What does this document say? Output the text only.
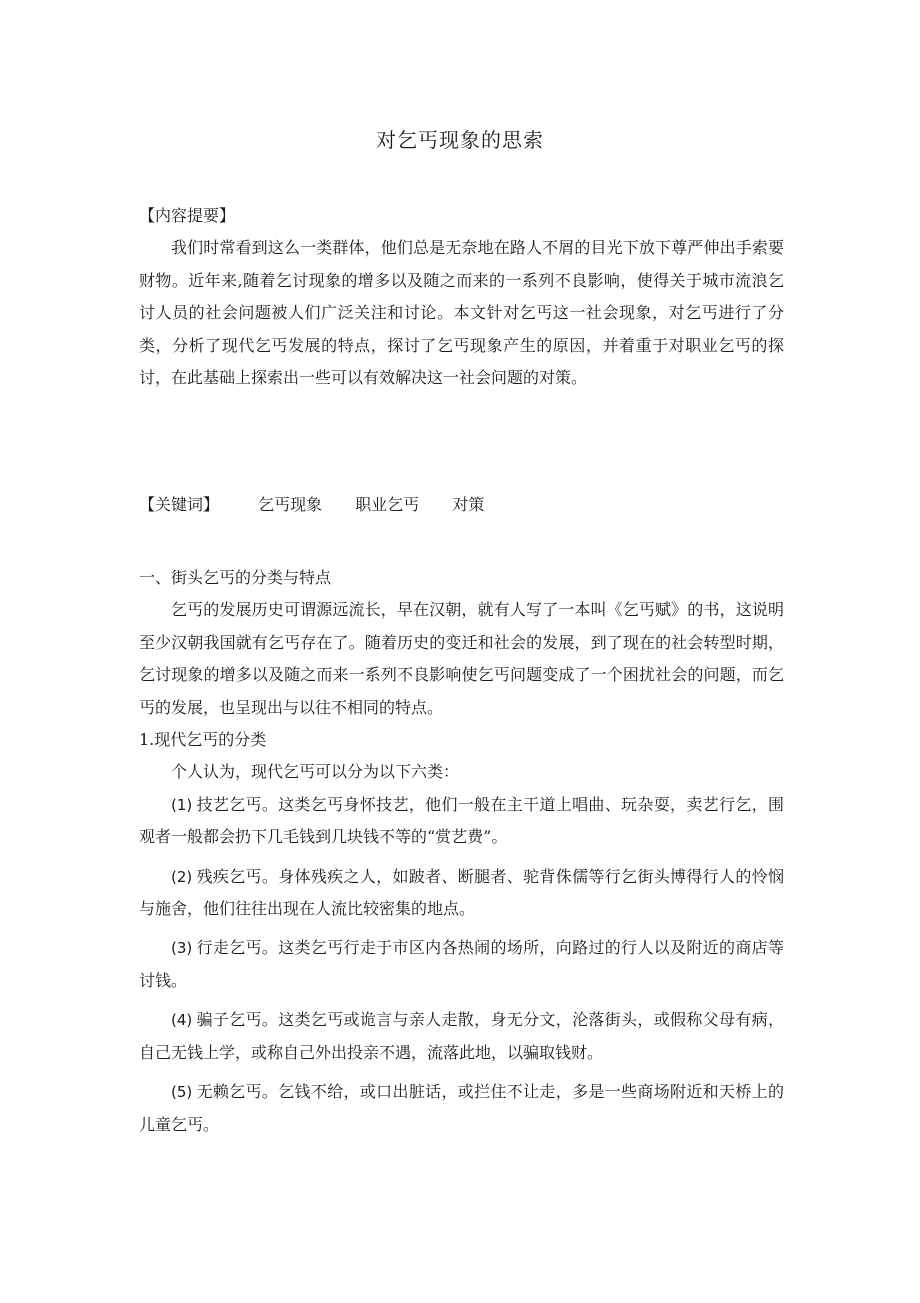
对乞丐现象的思索

【内容提要】

我们时常看到这么一类群体，他们总是无奈地在路人不屑的目光下放下尊严伸出手索要财物。近年来,随着乞讨现象的增多以及随之而来的一系列不良影响，使得关于城市流浪乞讨人员的社会问题被人们广泛关注和讨论。本文针对乞丐这一社会现象，对乞丐进行了分类，分析了现代乞丐发展的特点，探讨了乞丐现象产生的原因，并着重于对职业乞丐的探讨，在此基础上探索出一些可以有效解决这一社会问题的对策。

【关键词】 乞丐现象 职业乞丐 对策

一、街头乞丐的分类与特点

乞丐的发展历史可谓源远流长，早在汉朝，就有人写了一本叫《乞丐赋》的书，这说明至少汉朝我国就有乞丐存在了。随着历史的变迁和社会的发展，到了现在的社会转型时期，乞讨现象的增多以及随之而来一系列不良影响使乞丐问题变成了一个困扰社会的问题，而乞丐的发展，也呈现出与以往不相同的特点。

1.现代乞丐的分类

个人认为，现代乞丐可以分为以下六类：

(1) 技艺乞丐。这类乞丐身怀技艺，他们一般在主干道上唱曲、玩杂耍，卖艺行乞，围观者一般都会扔下几毛钱到几块钱不等的“赏艺费”。

(2) 残疾乞丐。身体残疾之人，如跛者、断腿者、驼背侏儒等行乞街头博得行人的怜悯与施舍，他们往往出现在人流比较密集的地点。

(3) 行走乞丐。这类乞丐行走于市区内各热闹的场所，向路过的行人以及附近的商店等讨钱。

(4) 骗子乞丐。这类乞丐或诡言与亲人走散，身无分文，沦落街头，或假称父母有病，自己无钱上学，或称自己外出投亲不遇，流落此地，以骗取钱财。

(5) 无赖乞丐。乞钱不给，或口出脏话，或拦住不让走，多是一些商场附近和天桥上的儿童乞丐。
